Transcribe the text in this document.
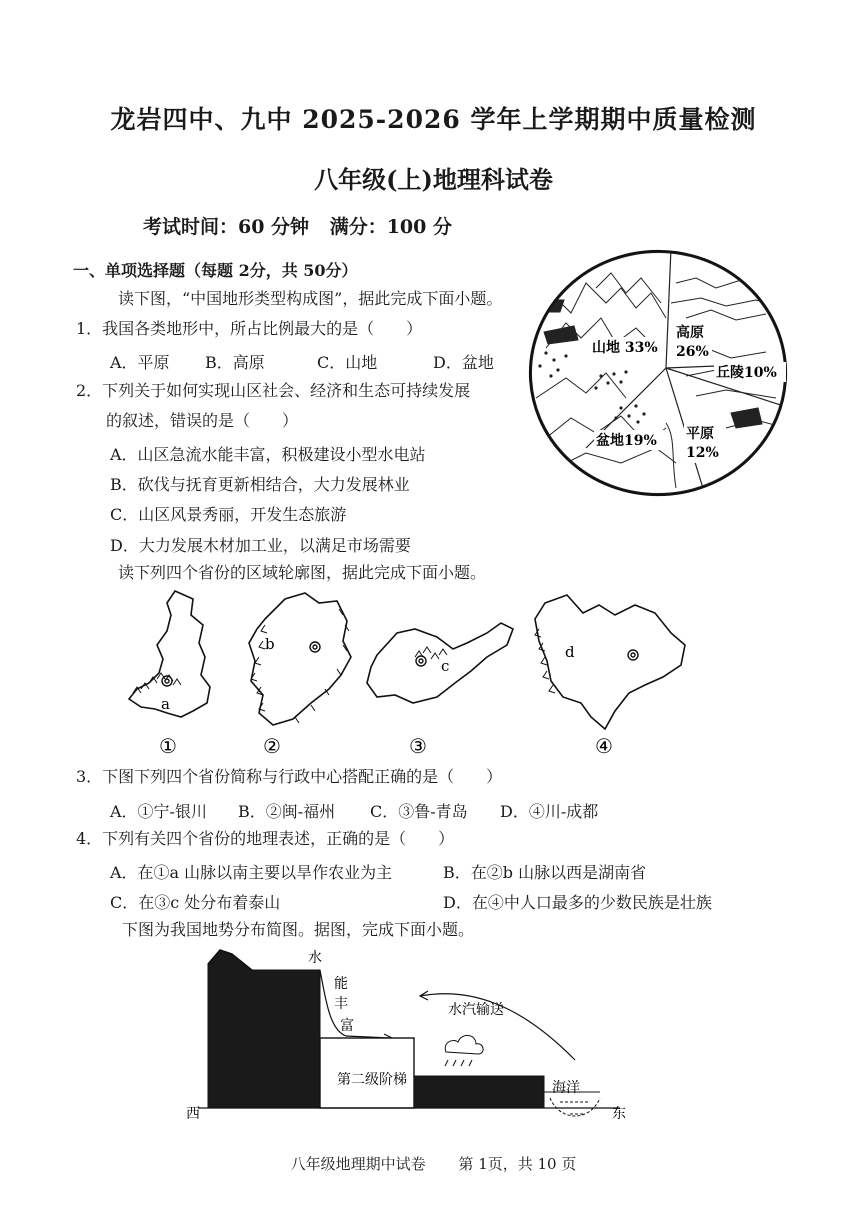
龙岩四中、九中 2025-2026 学年上学期期中质量检测
八年级(上)地理科试卷
考试时间：60 分钟 满分：100 分
一、单项选择题（每题 2分，共 50分）
读下图，“中国地形类型构成图”，据此完成下面小题。
1．我国各类地形中，所占比例最大的是（　　）
A．平原 B．高原	C．山地	D．盆地
2．下列关于如何实现山区社会、经济和生态可持续发展
的叙述，错误的是（　　）
A．山区急流水能丰富，积极建设小型水电站
B．砍伐与抚育更新相结合，大力发展林业
C．山区风景秀丽，开发生态旅游
D．大力发展木材加工业，以满足市场需要
读下列四个省份的区域轮廓图，据此完成下面小题。
山地 33%
高原
26%
丘陵10%
盆地19% 平原
12%
a
b
c
d
①	②	③	④
3．下图下列四个省份简称与行政中心搭配正确的是（　　）
A．①宁-银川 B．②闽-福州 C．③鲁-青岛 D．④川-成都
4．下列有关四个省份的地理表述，正确的是（　　）
A．在①a 山脉以南主要以旱作农业为主	B．在②b 山脉以西是湖南省
C．在③c 处分布着泰山	D．在④中人口最多的少数民族是壮族
下图为我国地势分布简图。据图，完成下面小题。
水
能
丰
富
水汽输送
第二级阶梯	海洋
西	东
八年级地理期中试卷 第 1页，共 10 页
